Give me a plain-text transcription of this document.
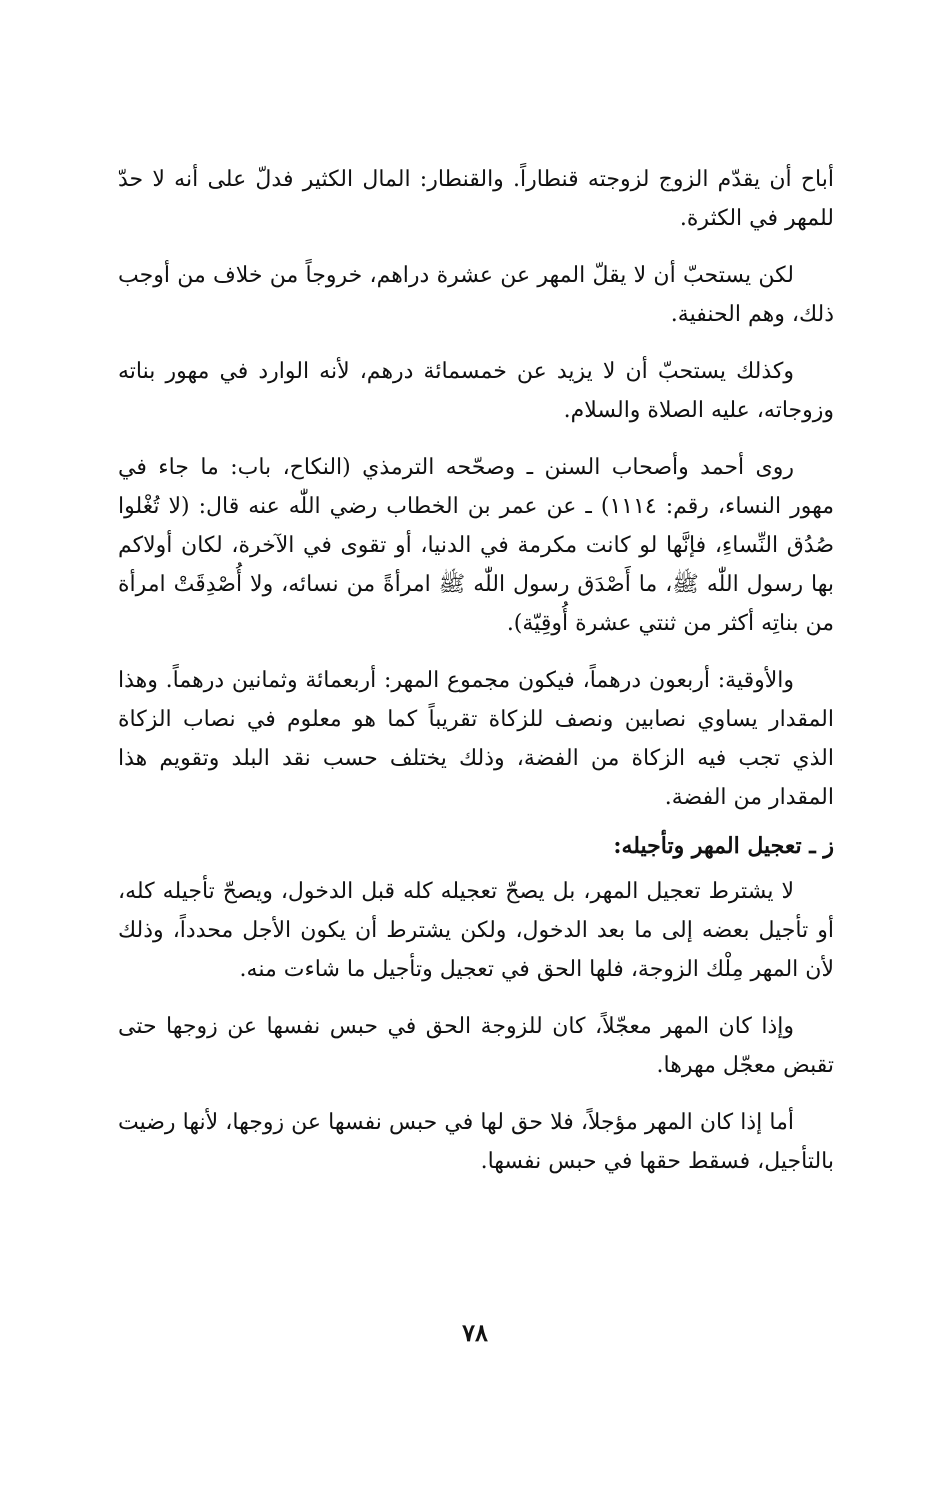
أباح أن يقدّم الزوج لزوجته قنطاراً. والقنطار: المال الكثير فدلّ على أنه لا حدّ للمهر في الكثرة.

لكن يستحبّ أن لا يقلّ المهر عن عشرة دراهم، خروجاً من خلاف من أوجب ذلك، وهم الحنفية.

وكذلك يستحبّ أن لا يزيد عن خمسمائة درهم، لأنه الوارد في مهور بناته وزوجاته، عليه الصلاة والسلام.

روى أحمد وأصحاب السنن ـ وصحّحه الترمذي (النكاح، باب: ما جاء في مهور النساء، رقم: ١١١٤) ـ عن عمر بن الخطاب رضي اللّٰه عنه قال: (لا تُغْلوا صُدُق النِّساءِ، فإنَّها لو كانت مكرمة في الدنيا، أو تقوى في الآخرة، لكان أولاكم بها رسول اللّٰه ﷺ، ما أَصْدَق رسول اللّٰه ﷺ امرأةً من نسائه، ولا أُصْدِقَتْ امرأة من بناتِه أكثر من ثنتي عشرة أُوقِيّة).

والأوقية: أربعون درهماً، فيكون مجموع المهر: أربعمائة وثمانين درهماً. وهذا المقدار يساوي نصابين ونصف للزكاة تقريباً كما هو معلوم في نصاب الزكاة الذي تجب فيه الزكاة من الفضة، وذلك يختلف حسب نقد البلد وتقويم هذا المقدار من الفضة.

ز ـ تعجيل المهر وتأجيله:

لا يشترط تعجيل المهر، بل يصحّ تعجيله كله قبل الدخول، ويصحّ تأجيله كله، أو تأجيل بعضه إلى ما بعد الدخول، ولكن يشترط أن يكون الأجل محدداً، وذلك لأن المهر مِلْك الزوجة، فلها الحق في تعجيل وتأجيل ما شاءت منه.

وإذا كان المهر معجّلاً، كان للزوجة الحق في حبس نفسها عن زوجها حتى تقبض معجّل مهرها.

أما إذا كان المهر مؤجلاً، فلا حق لها في حبس نفسها عن زوجها، لأنها رضيت بالتأجيل، فسقط حقها في حبس نفسها.

٧٨
